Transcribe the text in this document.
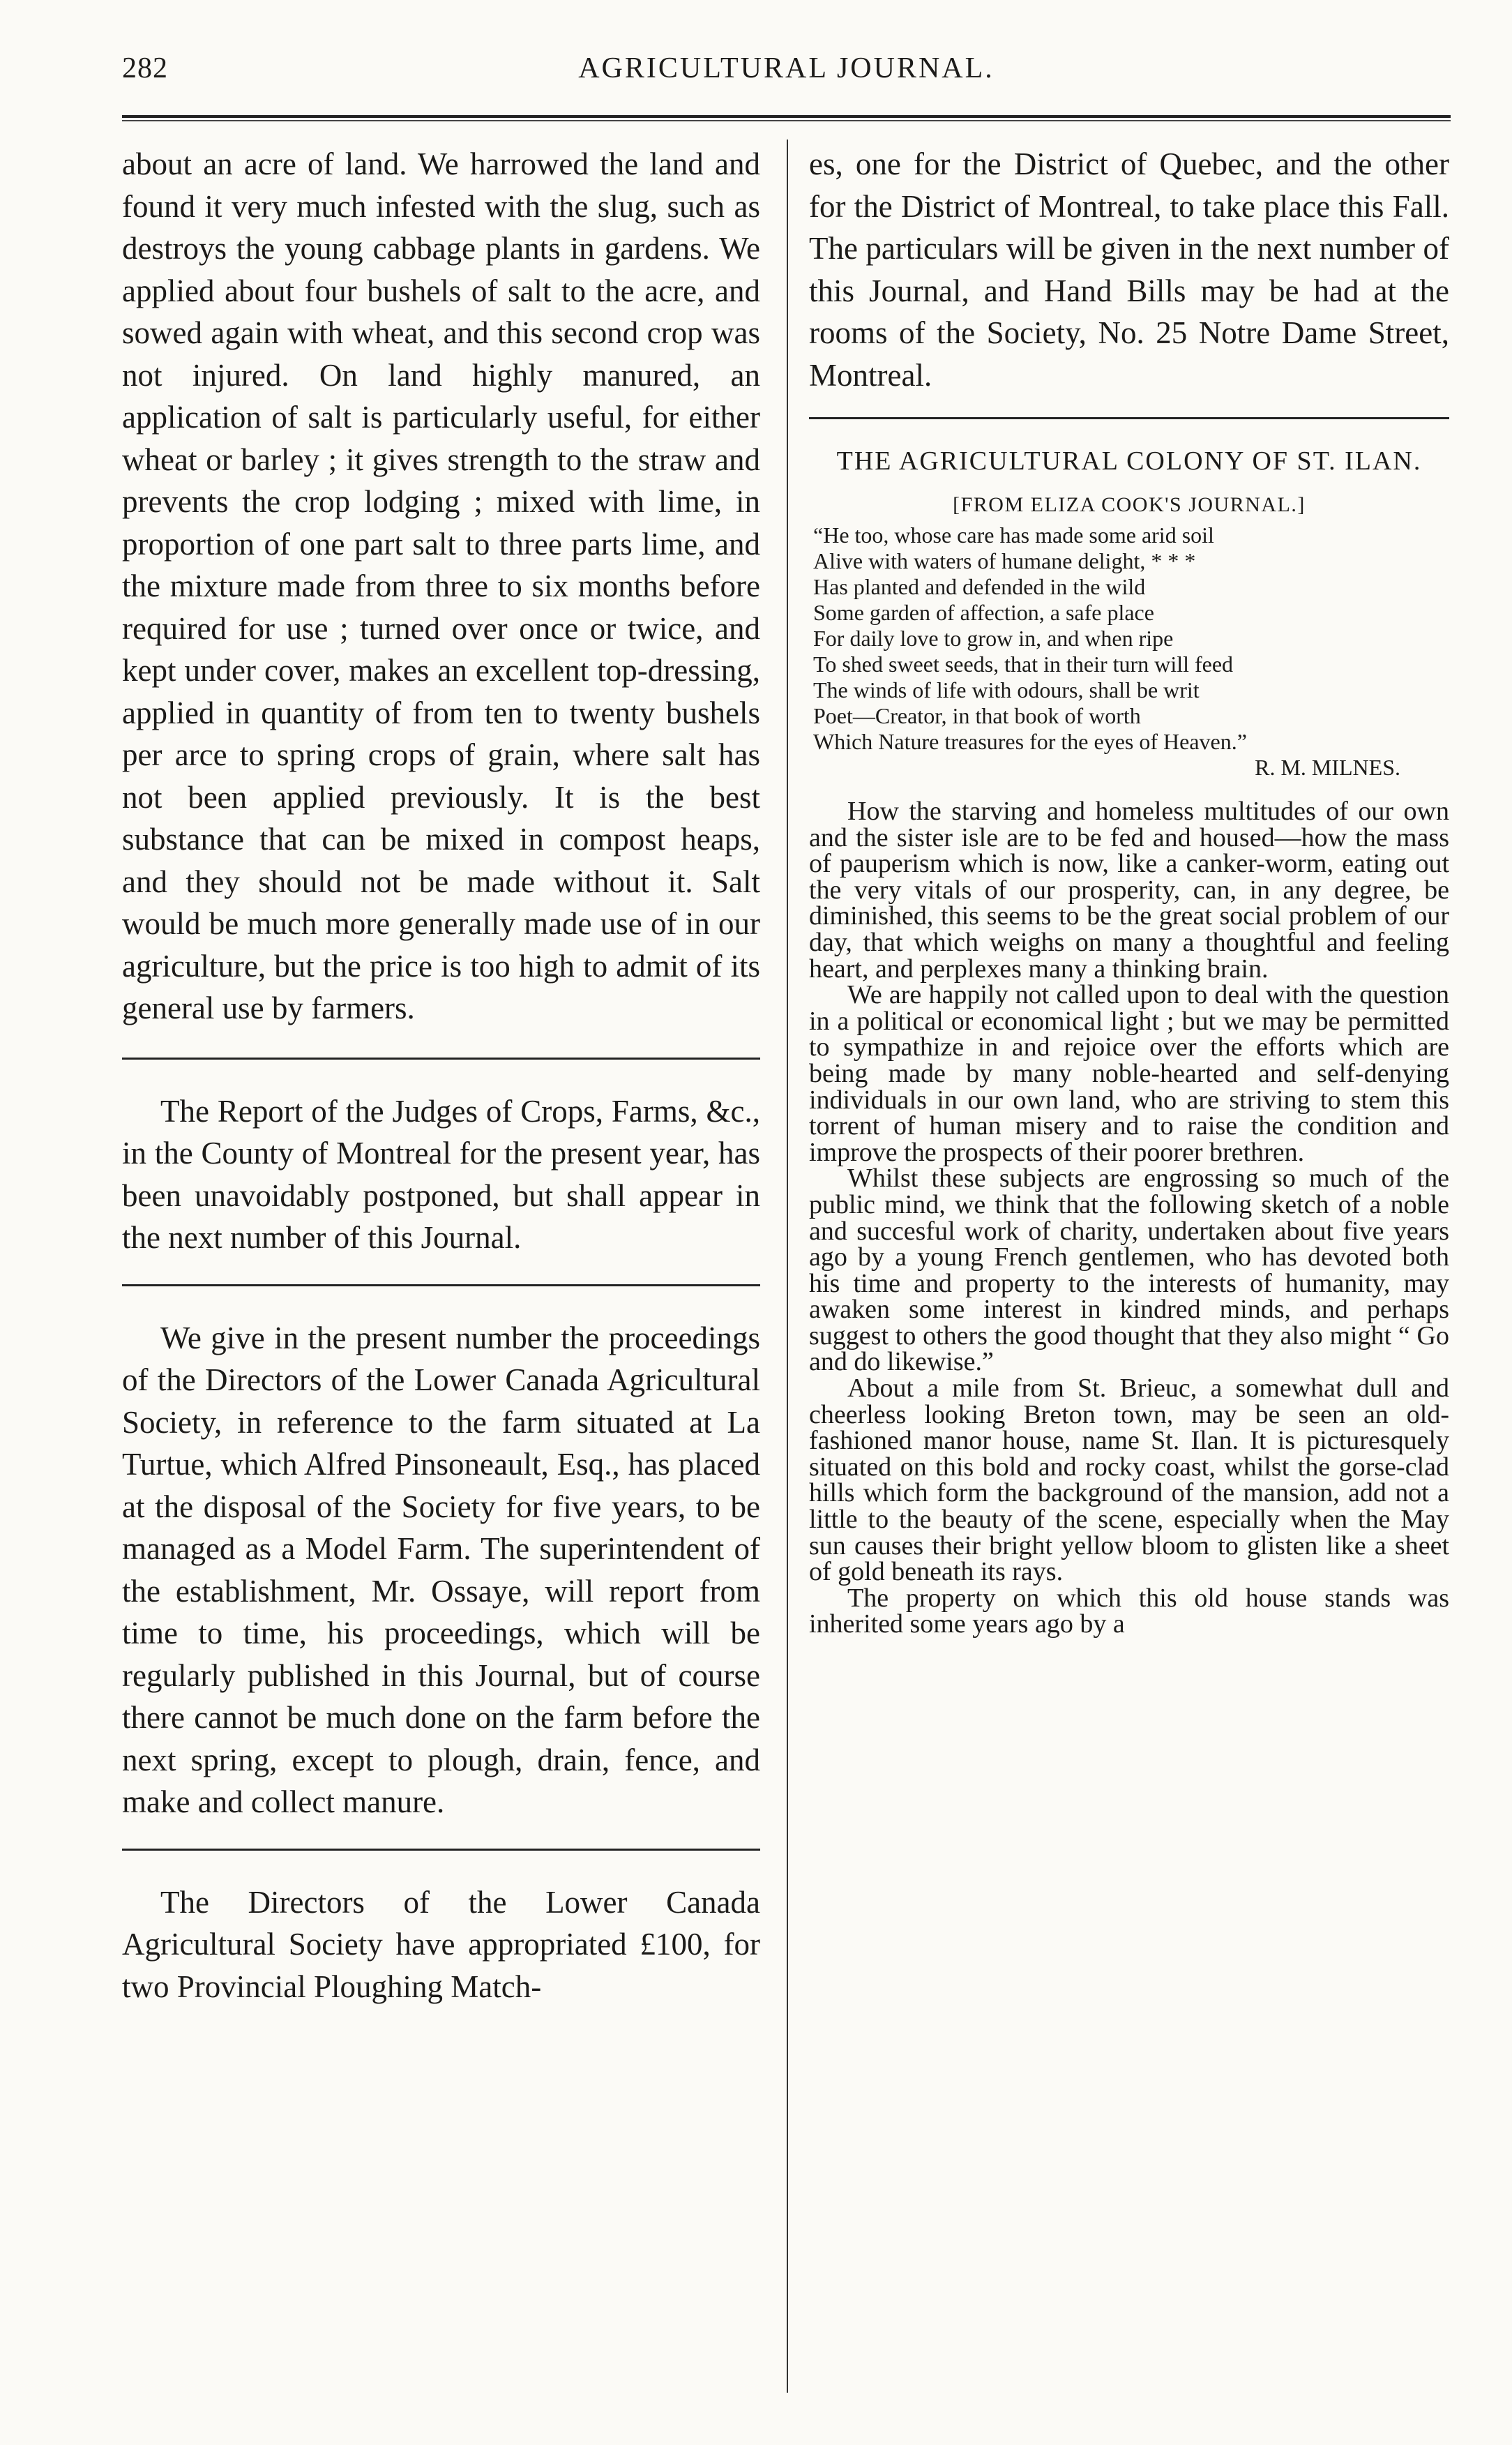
282	AGRICULTURAL JOURNAL.

about an acre of land. We harrowed the land and found it very much infested with the slug, such as destroys the young cabbage plants in gardens. We applied about four bushels of salt to the acre, and sowed again with wheat, and this second crop was not injured. On land highly manured, an application of salt is particularly useful, for either wheat or barley ; it gives strength to the straw and prevents the crop lodging ; mixed with lime, in proportion of one part salt to three parts lime, and the mixture made from three to six months before required for use ; turned over once or twice, and kept under cover, makes an excellent top-dressing, applied in quantity of from ten to twenty bushels per arce to spring crops of grain, where salt has not been applied previously. It is the best substance that can be mixed in compost heaps, and they should not be made without it. Salt would be much more generally made use of in our agriculture, but the price is too high to admit of its general use by farmers.

The Report of the Judges of Crops, Farms, &c., in the County of Montreal for the present year, has been unavoidably postponed, but shall appear in the next number of this Journal.

We give in the present number the proceedings of the Directors of the Lower Canada Agricultural Society, in reference to the farm situated at La Turtue, which Alfred Pinsoneault, Esq., has placed at the disposal of the Society for five years, to be managed as a Model Farm. The superintendent of the establishment, Mr. Ossaye, will report from time to time, his proceedings, which will be regularly published in this Journal, but of course there cannot be much done on the farm before the next spring, except to plough, drain, fence, and make and collect manure.

The Directors of the Lower Canada Agricultural Society have appropriated £100, for two Provincial Ploughing Match-

es, one for the District of Quebec, and the other for the District of Montreal, to take place this Fall. The particulars will be given in the next number of this Journal, and Hand Bills may be had at the rooms of the Society, No. 25 Notre Dame Street, Montreal.

THE AGRICULTURAL COLONY OF ST. ILAN.

[FROM ELIZA COOK'S JOURNAL.]

“He too, whose care has made some arid soil
Alive with waters of humane delight, * * *
Has planted and defended in the wild
Some garden of affection, a safe place
For daily love to grow in, and when ripe
To shed sweet seeds, that in their turn will feed
The winds of life with odours, shall be writ
Poet—Creator, in that book of worth
Which Nature treasures for the eyes of Heaven.”

R. M. MILNES.

How the starving and homeless multitudes of our own and the sister isle are to be fed and housed—how the mass of pauperism which is now, like a canker-worm, eating out the very vitals of our prosperity, can, in any degree, be diminished, this seems to be the great social problem of our day, that which weighs on many a thoughtful and feeling heart, and perplexes many a thinking brain.

We are happily not called upon to deal with the question in a political or economical light ; but we may be permitted to sympathize in and rejoice over the efforts which are being made by many noble-hearted and self-denying individuals in our own land, who are striving to stem this torrent of human misery and to raise the condition and improve the prospects of their poorer brethren.

Whilst these subjects are engrossing so much of the public mind, we think that the following sketch of a noble and succesful work of charity, undertaken about five years ago by a young French gentlemen, who has devoted both his time and property to the interests of humanity, may awaken some interest in kindred minds, and perhaps suggest to others the good thought that they also might “ Go and do likewise.”

About a mile from St. Brieuc, a somewhat dull and cheerless looking Breton town, may be seen an old-fashioned manor house, name St. Ilan. It is picturesquely situated on this bold and rocky coast, whilst the gorse-clad hills which form the background of the mansion, add not a little to the beauty of the scene, especially when the May sun causes their bright yellow bloom to glisten like a sheet of gold beneath its rays.

The property on which this old house stands was inherited some years ago by a
